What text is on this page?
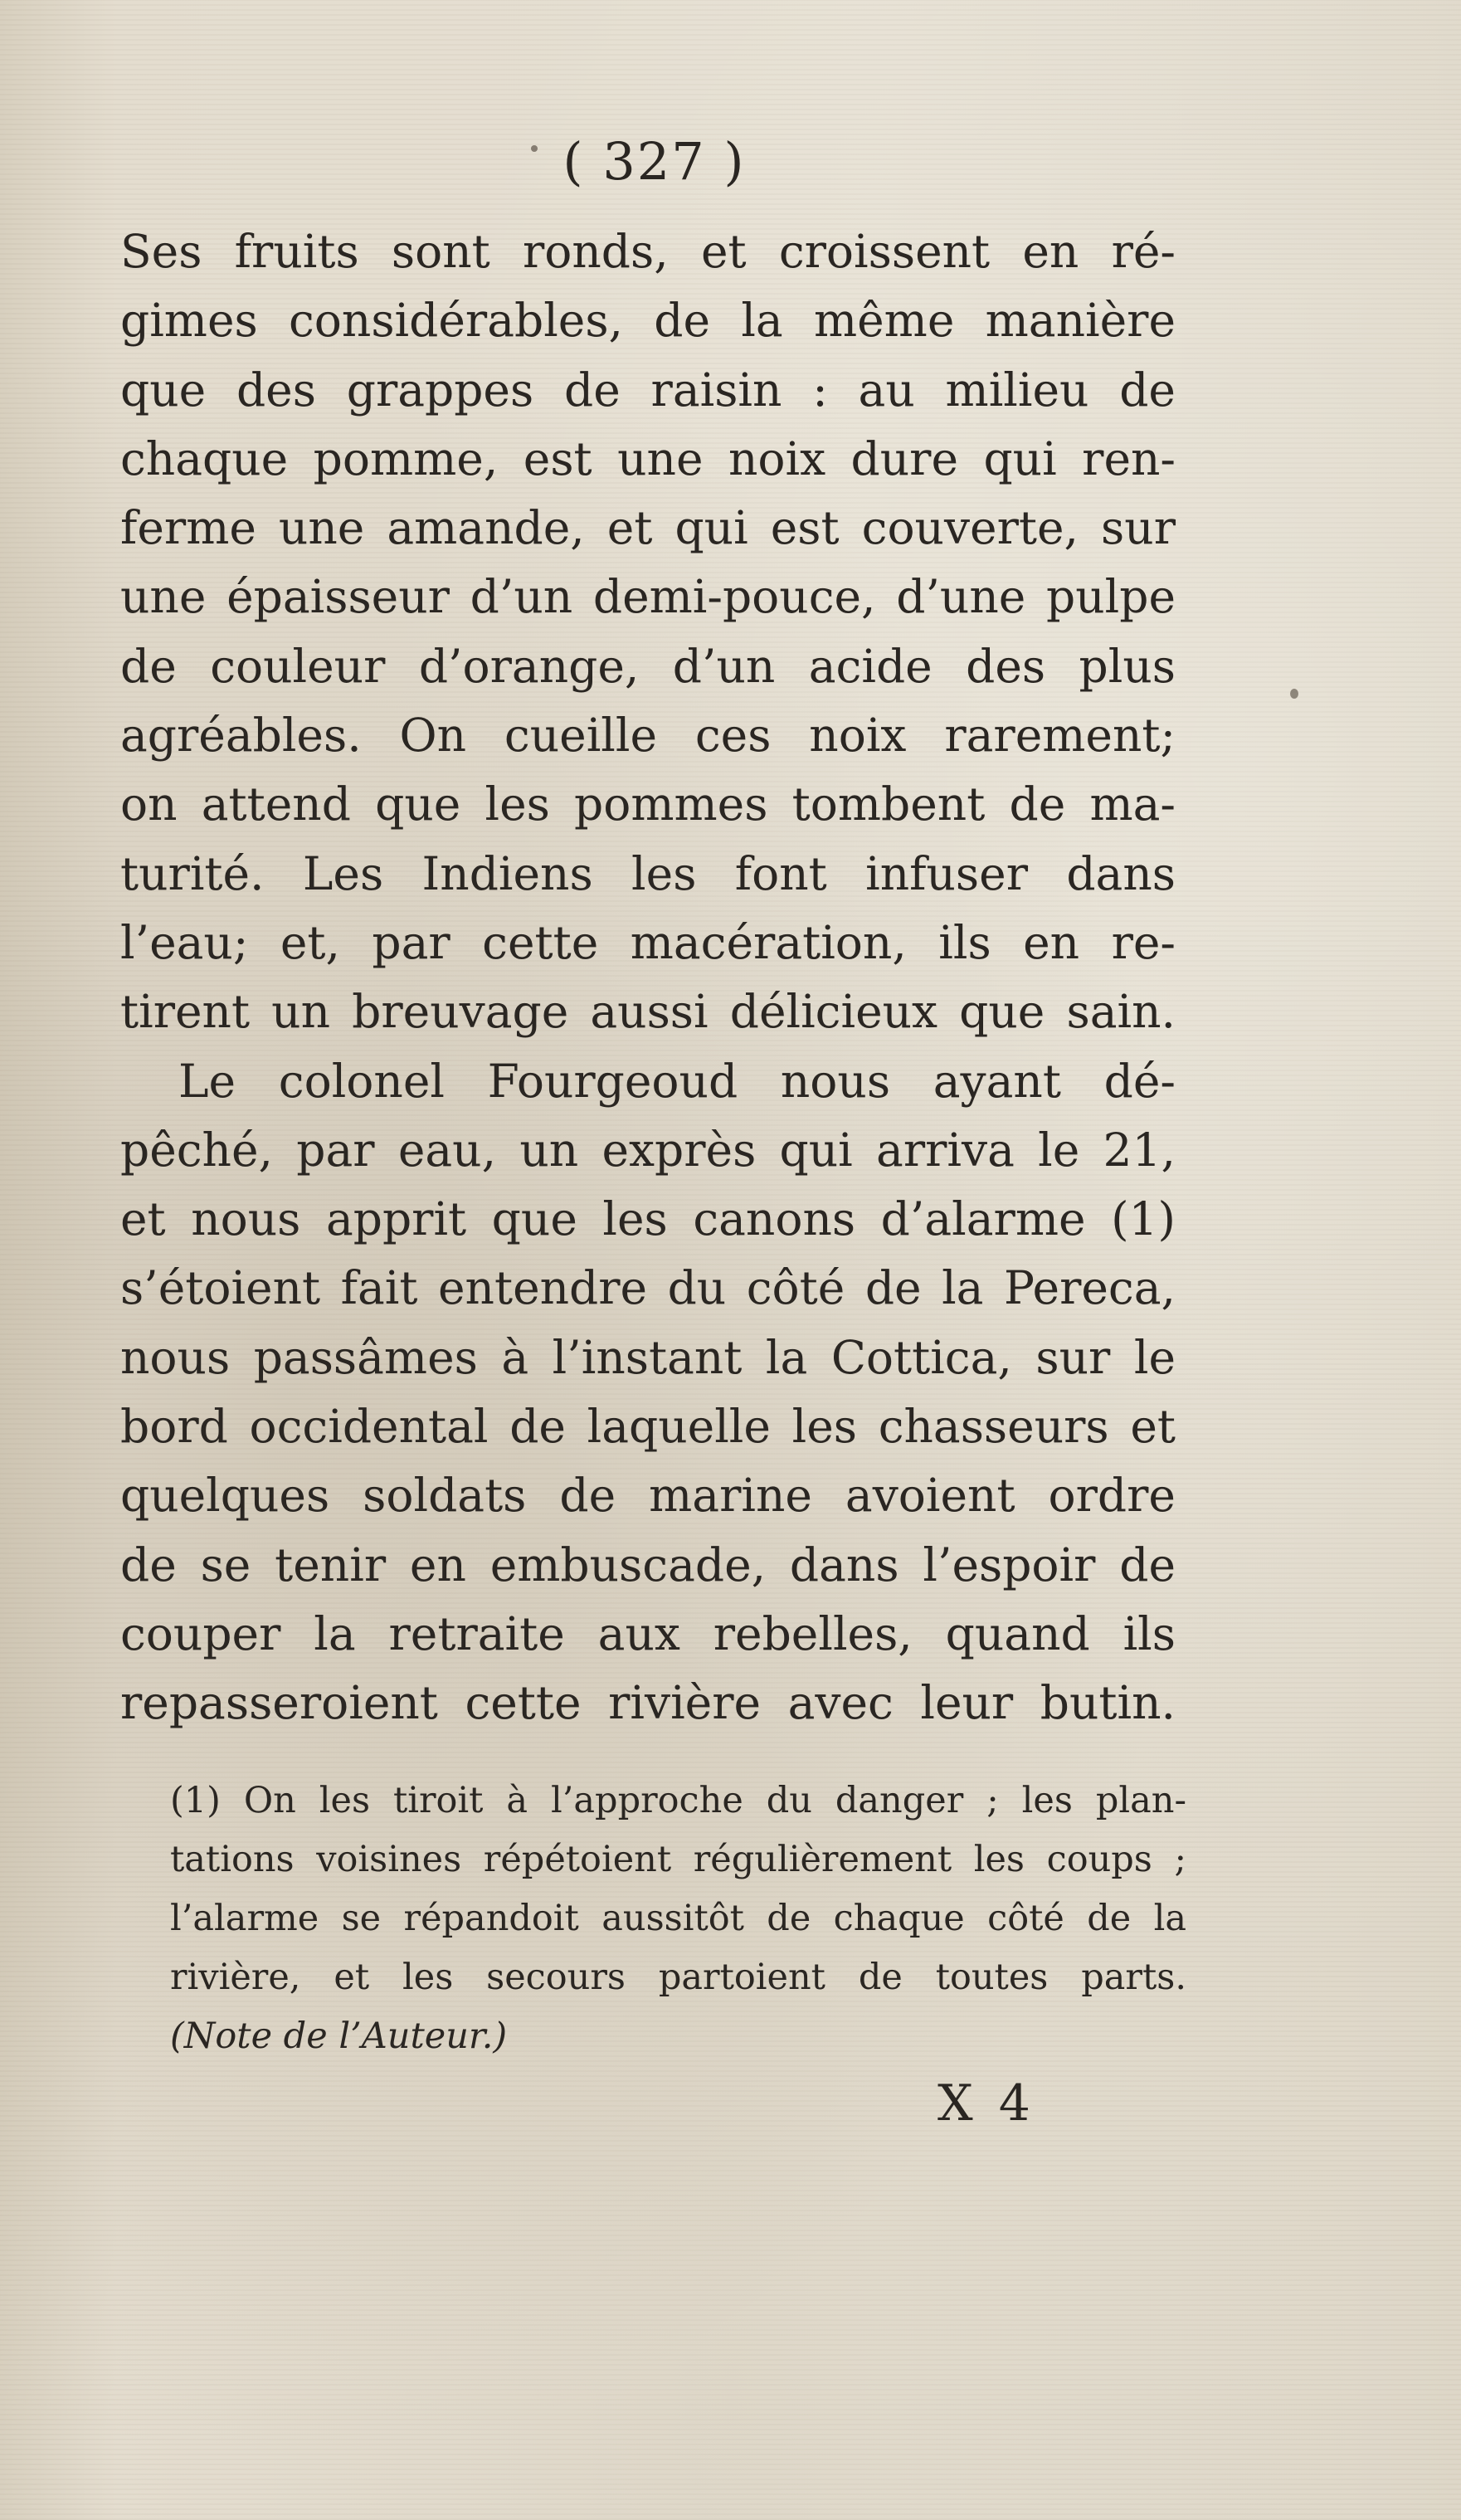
( 327 )
Ses fruits sont ronds, et croissent en ré-
gimes considérables, de la même manière
que des grappes de raisin : au milieu de
chaque pomme, est une noix dure qui ren-
ferme une amande, et qui est couverte, sur
une épaisseur d’un demi-pouce, d’une pulpe
de couleur d’orange, d’un acide des plus
agréables. On cueille ces noix rarement;
on attend que les pommes tombent de ma-
turité. Les Indiens les font infuser dans
l’eau; et, par cette macération, ils en re-
tirent un breuvage aussi délicieux que sain.
Le colonel Fourgeoud nous ayant dé-
pêché, par eau, un exprès qui arriva le 21,
et nous apprit que les canons d’alarme (1)
s’étoient fait entendre du côté de la Pereca,
nous passâmes à l’instant la Cottica, sur le
bord occidental de laquelle les chasseurs et
quelques soldats de marine avoient ordre
de se tenir en embuscade, dans l’espoir de
couper la retraite aux rebelles, quand ils
repasseroient cette rivière avec leur butin.
(1) On les tiroit à l’approche du danger ; les plan-
tations voisines répétoient régulièrement les coups ;
l’alarme se répandoit aussitôt de chaque côté de la
rivière, et les secours partoient de toutes parts.
(Note de l’Auteur.)
X 4
